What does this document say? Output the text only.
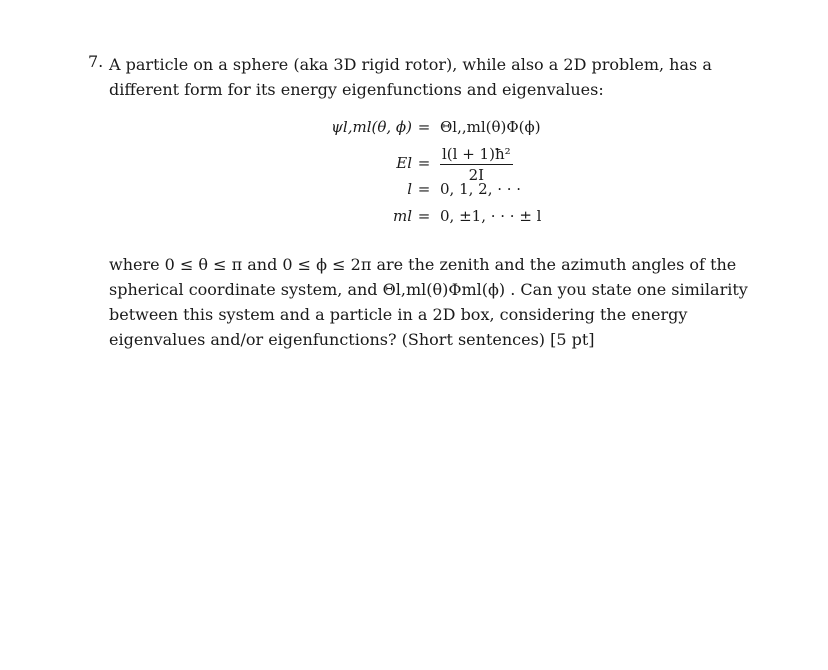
7. A particle on a sphere (aka 3D rigid rotor), while also a 2D problem, has a different form for its energy eigenfunctions and eigenvalues:
ψl,ml(θ, ϕ) = Θl,,ml(θ)Φ(ϕ)
$El = \frac{\text{l(l + 1)ħ²}}{2I}$
l = 0, 1, 2, · · ·
ml = 0, ±1, · · · ± l
where 0 ≤ θ ≤ π and 0 ≤ ϕ ≤ 2π are the zenith and the azimuth angles of the spherical coordinate system, and Θl,ml(θ)Φml(ϕ) . Can you state one similarity between this system and a particle in a 2D box, considering the energy eigenvalues and/or eigenfunctions? (Short sentences) [5 pt]
